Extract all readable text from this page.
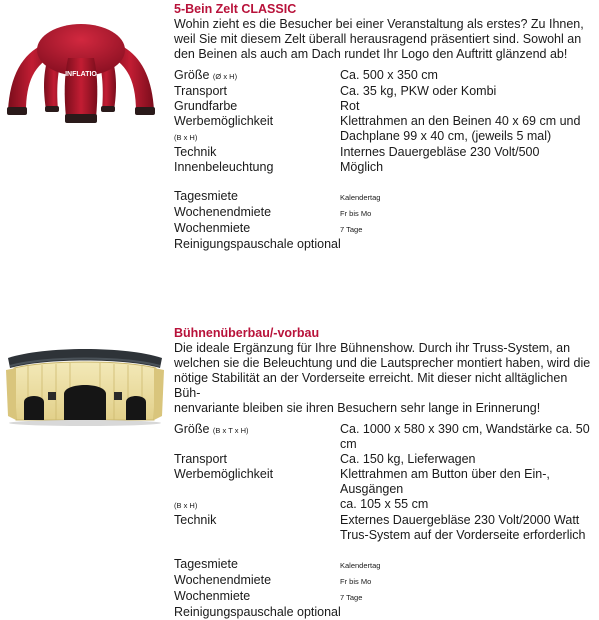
INFLATIO

5-Bein Zelt CLASSIC

Wohin zieht es die Besucher bei einer Veranstaltung als erstes? Zu Ihnen,
weil Sie mit diesem Zelt überall herausragend präsentiert sind. Sowohl an
den Beinen als auch am Dach rundet Ihr Logo den Auftritt glänzend ab!

Größe (Ø x H)	Ca. 500 x 350 cm
Transport	Ca. 35 kg, PKW oder Kombi
Grundfarbe	Rot
Werbemöglichkeit	Klettrahmen an den Beinen 40 x 69 cm und
(B x H)	Dachplane 99 x 40 cm, (jeweils 5 mal)
Technik	Internes Dauergebläse 230 Volt/500
Innenbeleuchtung	Möglich

Tagesmiete	Kalendertag
Wochenendmiete	Fr bis Mo
Wochenmiete	7 Tage
Reinigungspauschale optional	

Bühnenüberbau/-vorbau

Die ideale Ergänzung für Ihre Bühnenshow. Durch ihr Truss-System, an
welchen sie die Beleuchtung und die Lautsprecher montiert haben, wird die
nötige Stabilität an der Vorderseite erreicht. Mit dieser nicht alltäglichen Büh-
nenvariante bleiben sie ihren Besuchern sehr lange in Erinnerung!

Größe (B x T x H)	Ca. 1000 x 580 x 390 cm, Wandstärke ca. 50 cm
Transport	Ca. 150 kg, Lieferwagen
Werbemöglichkeit	Klettrahmen am Button über den Ein-, Ausgängen
(B x H)	ca. 105 x 55 cm
Technik	Externes Dauergebläse 230 Volt/2000 Watt
	Trus-System auf der Vorderseite erforderlich

Tagesmiete	Kalendertag
Wochenendmiete	Fr bis Mo
Wochenmiete	7 Tage
Reinigungspauschale optional	
